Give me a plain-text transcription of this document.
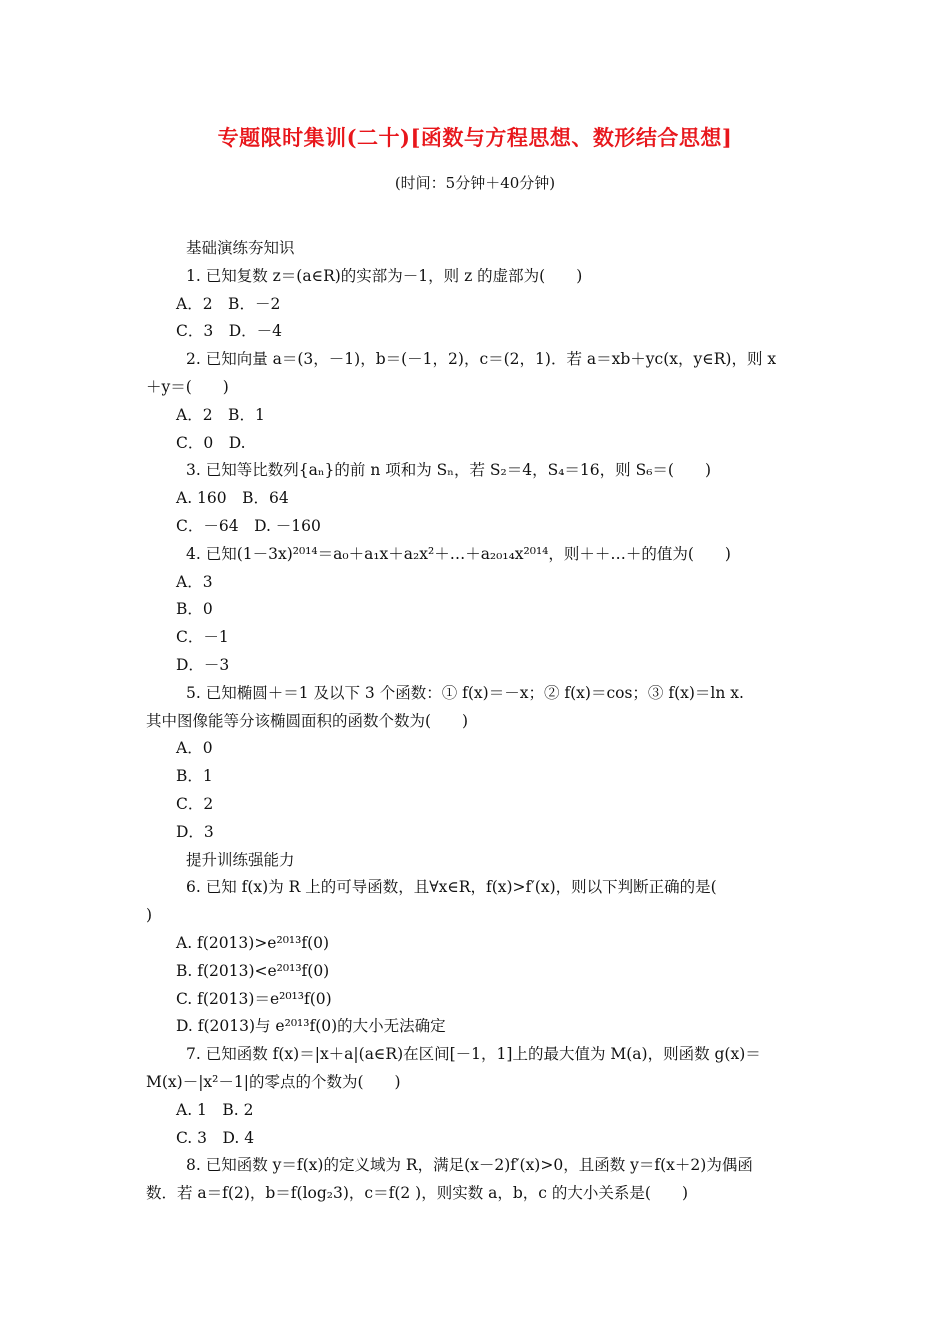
专题限时集训(二十)[函数与方程思想、数形结合思想]
(时间：5分钟＋40分钟)
基础演练夯知识
1. 已知复数 z＝(a∈R)的实部为－1，则 z 的虚部为(　　)
A．2　B．－2
C．3　D．－4
2. 已知向量 a＝(3，－1)，b＝(－1，2)，c＝(2，1)．若 a＝xb＋yc(x，y∈R)，则 x
＋y＝(　　)
A．2　B．1
C．0　D.
3. 已知等比数列{aₙ}的前 n 项和为 Sₙ，若 S₂＝4，S₄＝16，则 S₆＝(　　)
A. 160　B．64
C．－64　D. －160
4. 已知(1－3x)²⁰¹⁴＝a₀＋a₁x＋a₂x²＋…＋a₂₀₁₄x²⁰¹⁴，则＋＋…＋的值为(　　)
A．3
B．0
C．－1
D．－3
5. 已知椭圆＋＝1 及以下 3 个函数：① f(x)＝－x；② f(x)＝cos；③ f(x)＝ln x.
其中图像能等分该椭圆面积的函数个数为(　　)
A．0
B．1
C．2
D．3
提升训练强能力
6. 已知 f(x)为 R 上的可导函数，且∀x∈R，f(x)>f′(x)，则以下判断正确的是(
)
A. f(2013)>e²⁰¹³f(0)
B. f(2013)<e²⁰¹³f(0)
C. f(2013)＝e²⁰¹³f(0)
D. f(2013)与 e²⁰¹³f(0)的大小无法确定
7. 已知函数 f(x)＝|x＋a|(a∈R)在区间[－1，1]上的最大值为 M(a)，则函数 g(x)＝
M(x)－|x²－1|的零点的个数为(　　)
A. 1　B. 2
C. 3　D. 4
8. 已知函数 y＝f(x)的定义域为 R，满足(x－2)f′(x)>0，且函数 y＝f(x＋2)为偶函
数．若 a＝f(2)，b＝f(log₂3)，c＝f(2 )，则实数 a，b，c 的大小关系是(　　)
